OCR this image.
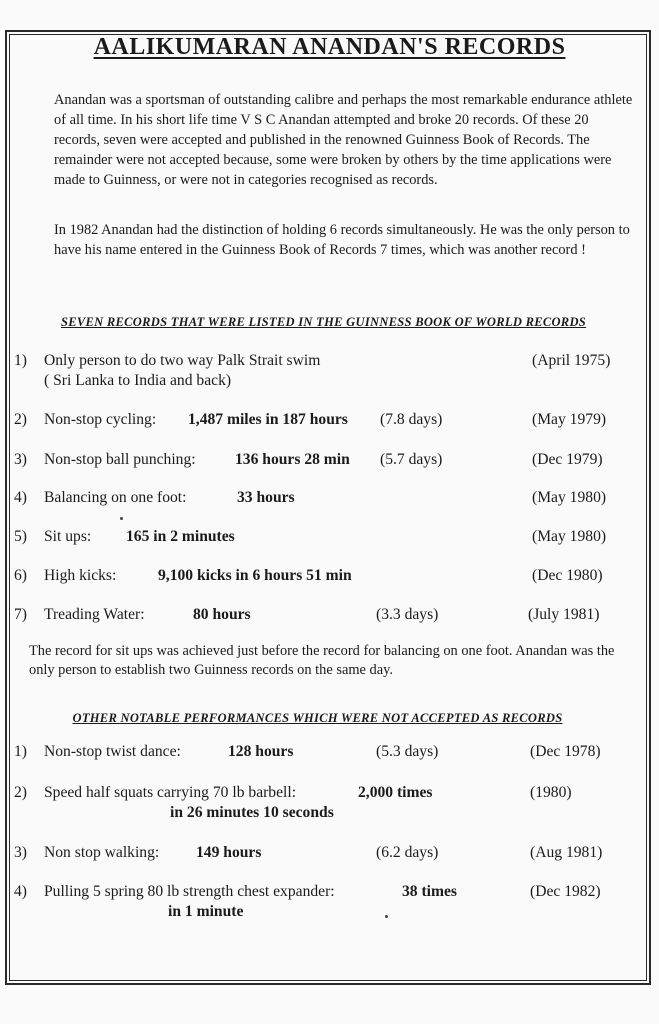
AALIKUMARAN ANANDAN'S RECORDS

Anandan was a sportsman of outstanding calibre and perhaps the most remarkable endurance athlete of all time. In his short life time V S C Anandan attempted and broke 20 records. Of these 20 records, seven were accepted and published in the renowned Guinness Book of Records. The remainder were not accepted because, some were broken by others by the time applications were made to Guinness, or were not in categories recognised as records.

In 1982 Anandan had the distinction of holding 6 records simultaneously. He was the only person to have his name entered in the Guinness Book of Records 7 times, which was another record !

SEVEN RECORDS THAT WERE LISTED IN THE GUINNESS BOOK OF WORLD RECORDS
1) Only person to do two way Palk Strait swim
( Sri Lanka to India and back)
(April 1975)
2) Non-stop cycling: 1,487 miles in 187 hours (7.8 days)	(May 1979)
3) Non-stop ball punching:	136 hours 28 min (5.7 days)	(Dec 1979)
4) Balancing on one foot:	33 hours	(May 1980)
5) Sit ups: 165 in 2 minutes	(May 1980)
6) High kicks:	9,100 kicks in 6 hours 51 min	(Dec 1980)
7) Treading Water:	80 hours	(3.3 days)	(July 1981)

The record for sit ups was achieved just before the record for balancing on one foot. Anandan was the only person to establish two Guinness records on the same day.

OTHER NOTABLE PERFORMANCES WHICH WERE NOT ACCEPTED AS RECORDS
1) Non-stop twist dance:	128 hours	(5.3 days)	(Dec 1978)
2) Speed half squats carrying 70 lb barbell:	2,000 times	(1980)
in 26 minutes 10 seconds
3) Non stop walking: 149 hours	(6.2 days)	(Aug 1981)
4) Pulling 5 spring 80 lb strength chest expander:	38 times	(Dec 1982)
in 1 minute
